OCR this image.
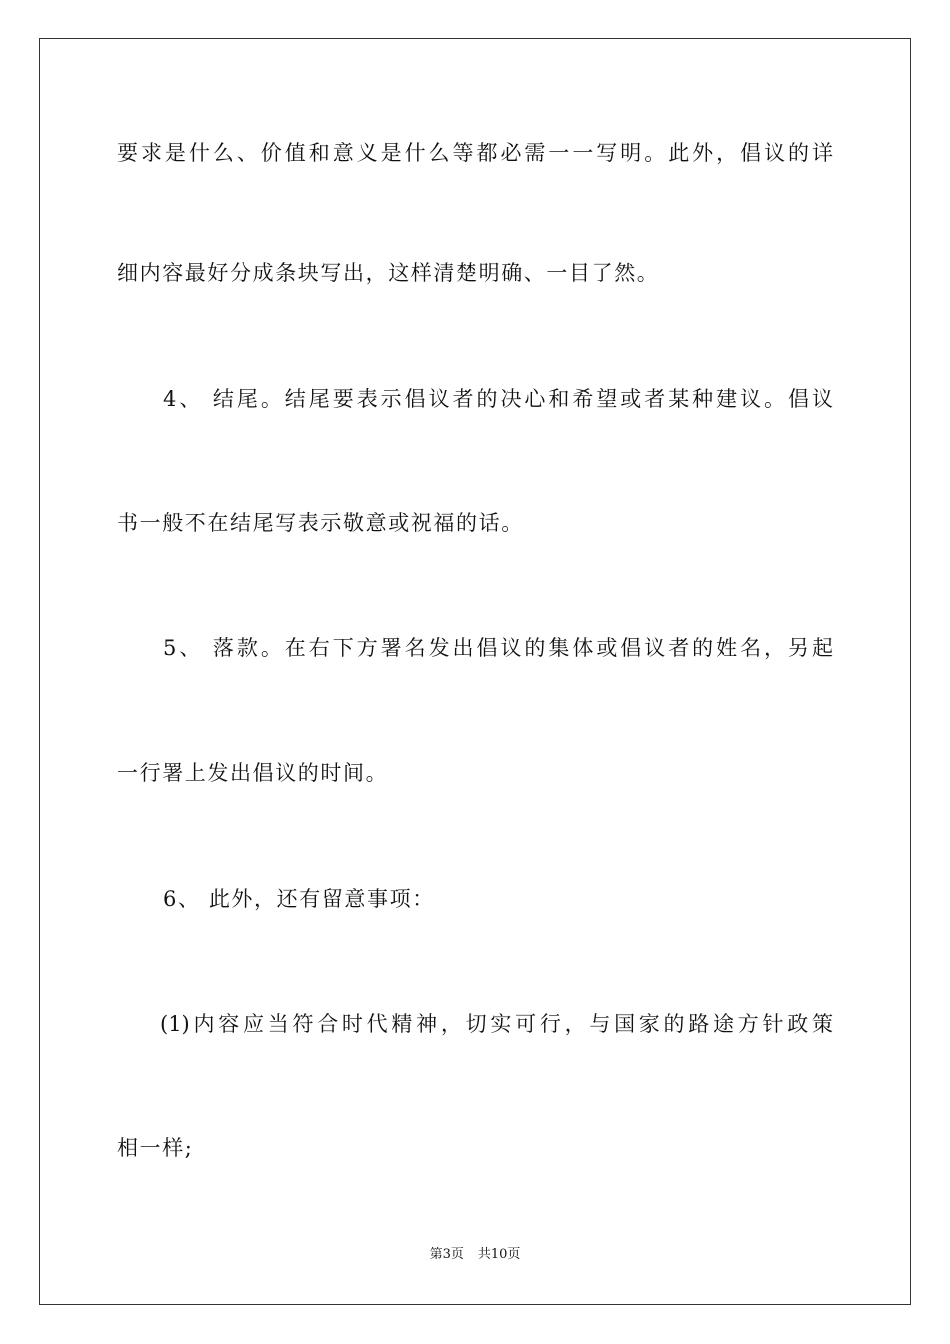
要求是什么、价值和意义是什么等都必需一一写明。此外，倡议的详
细内容最好分成条块写出，这样清楚明确、一目了然。
4、 结尾。结尾要表示倡议者的决心和希望或者某种建议。倡议
书一般不在结尾写表示敬意或祝福的话。
5、 落款。在右下方署名发出倡议的集体或倡议者的姓名，另起
一行署上发出倡议的时间。
6、 此外，还有留意事项：
(1)内容应当符合时代精神，切实可行，与国家的路途方针政策
相一样;
第3页 共10页
